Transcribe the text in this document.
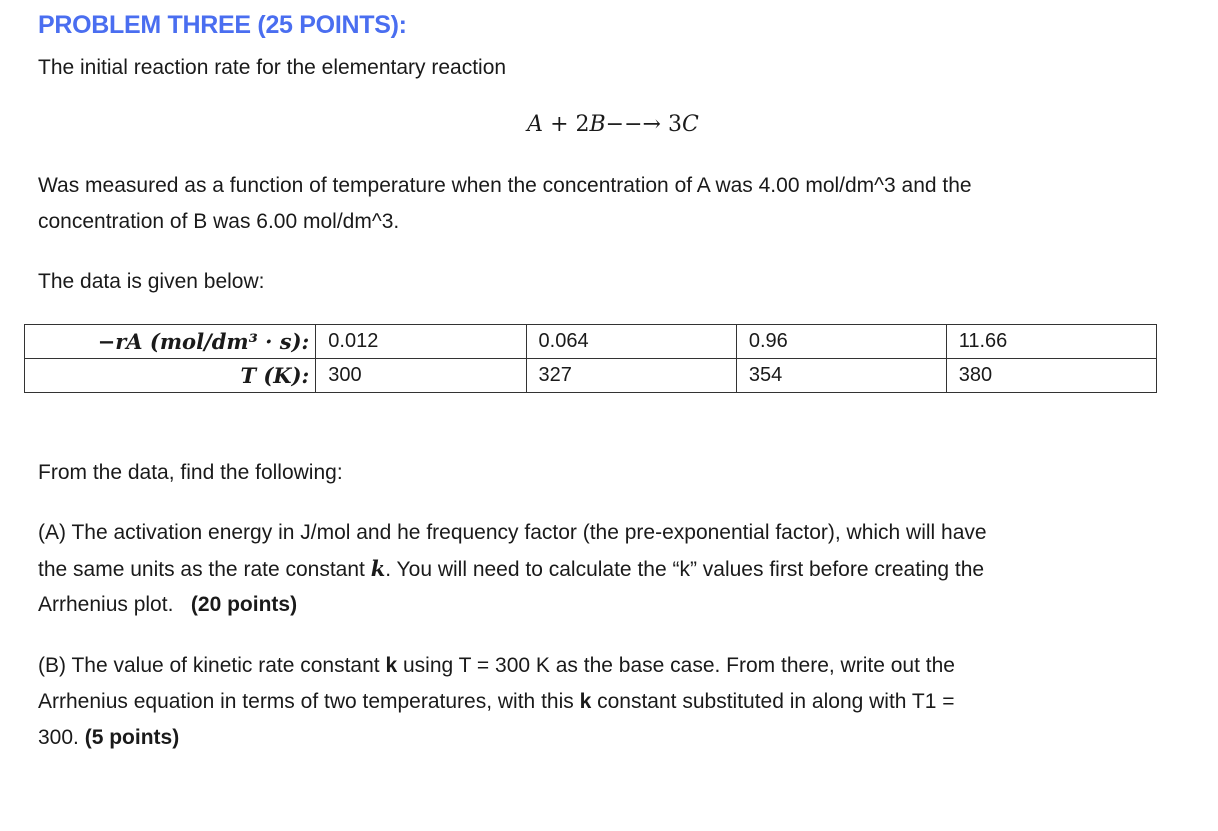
PROBLEM THREE (25 POINTS):

The initial reaction rate for the elementary reaction

A + 2B−−→ 3C

Was measured as a function of temperature when the concentration of A was 4.00 mol/dm^3 and the

concentration of B was 6.00 mol/dm^3.

The data is given below:

−rA (mol/dm³ · s):	0.012	0.064	0.96	11.66
T (K):	300	327	354	380

From the data, find the following:

(A) The activation energy in J/mol and he frequency factor (the pre-exponential factor), which will have

the same units as the rate constant k. You will need to calculate the “k” values first before creating the

Arrhenius plot. (20 points)

(B) The value of kinetic rate constant k using T = 300 K as the base case. From there, write out the

Arrhenius equation in terms of two temperatures, with this k constant substituted in along with T1 =

300. (5 points)
